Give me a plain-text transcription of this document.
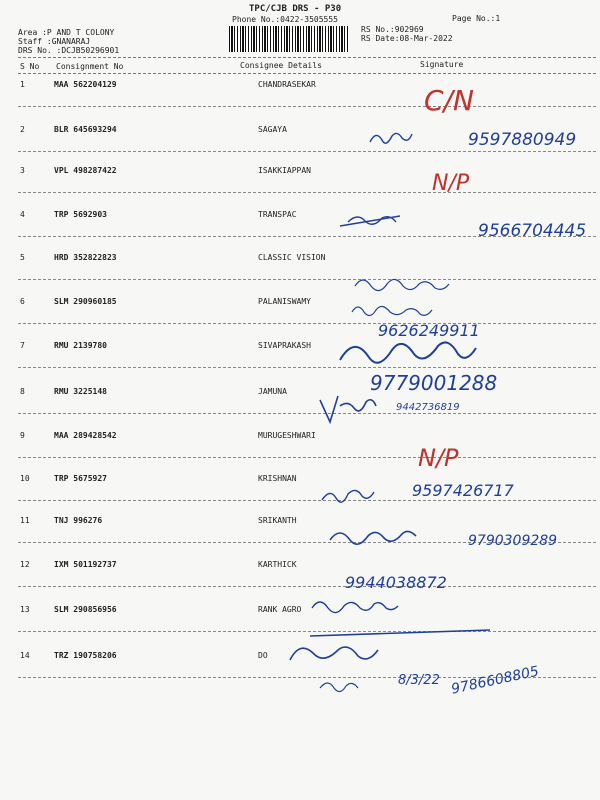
TPC/CJB DRS - P30
Phone No.:0422-3505555
RS No.:902969
RS Date:08-Mar-2022
Page No.:1
Area :P AND T COLONY
Staff :GNANARAJ
DRS No. :DCJB50296901
S No Consignment No	Consignee Details	Signature
1	MAA 562204129	CHANDRASEKAR
2	BLR 645693294	SAGAYA
3	VPL 498287422	ISAKKIAPPAN
4	TRP 5692903	TRANSPAC
5	HRD 352822823	CLASSIC VISION
6	SLM 290960185	PALANISWAMY
7	RMU 2139780	SIVAPRAKASH
8	RMU 3225148	JAMUNA
9	MAA 289428542	MURUGESHWARI
10	TRP 5675927	KRISHNAN
11	TNJ 996276	SRIKANTH
12	IXM 501192737	KARTHICK
13	SLM 290856956	RANK AGRO
14	TRZ 190758206	DO
C/N
9597880949
N/P
9566704445
9626249911
9779001288
9442736819
N/P
9597426717
9790309289
9944038872
8/3/22 9786608805
